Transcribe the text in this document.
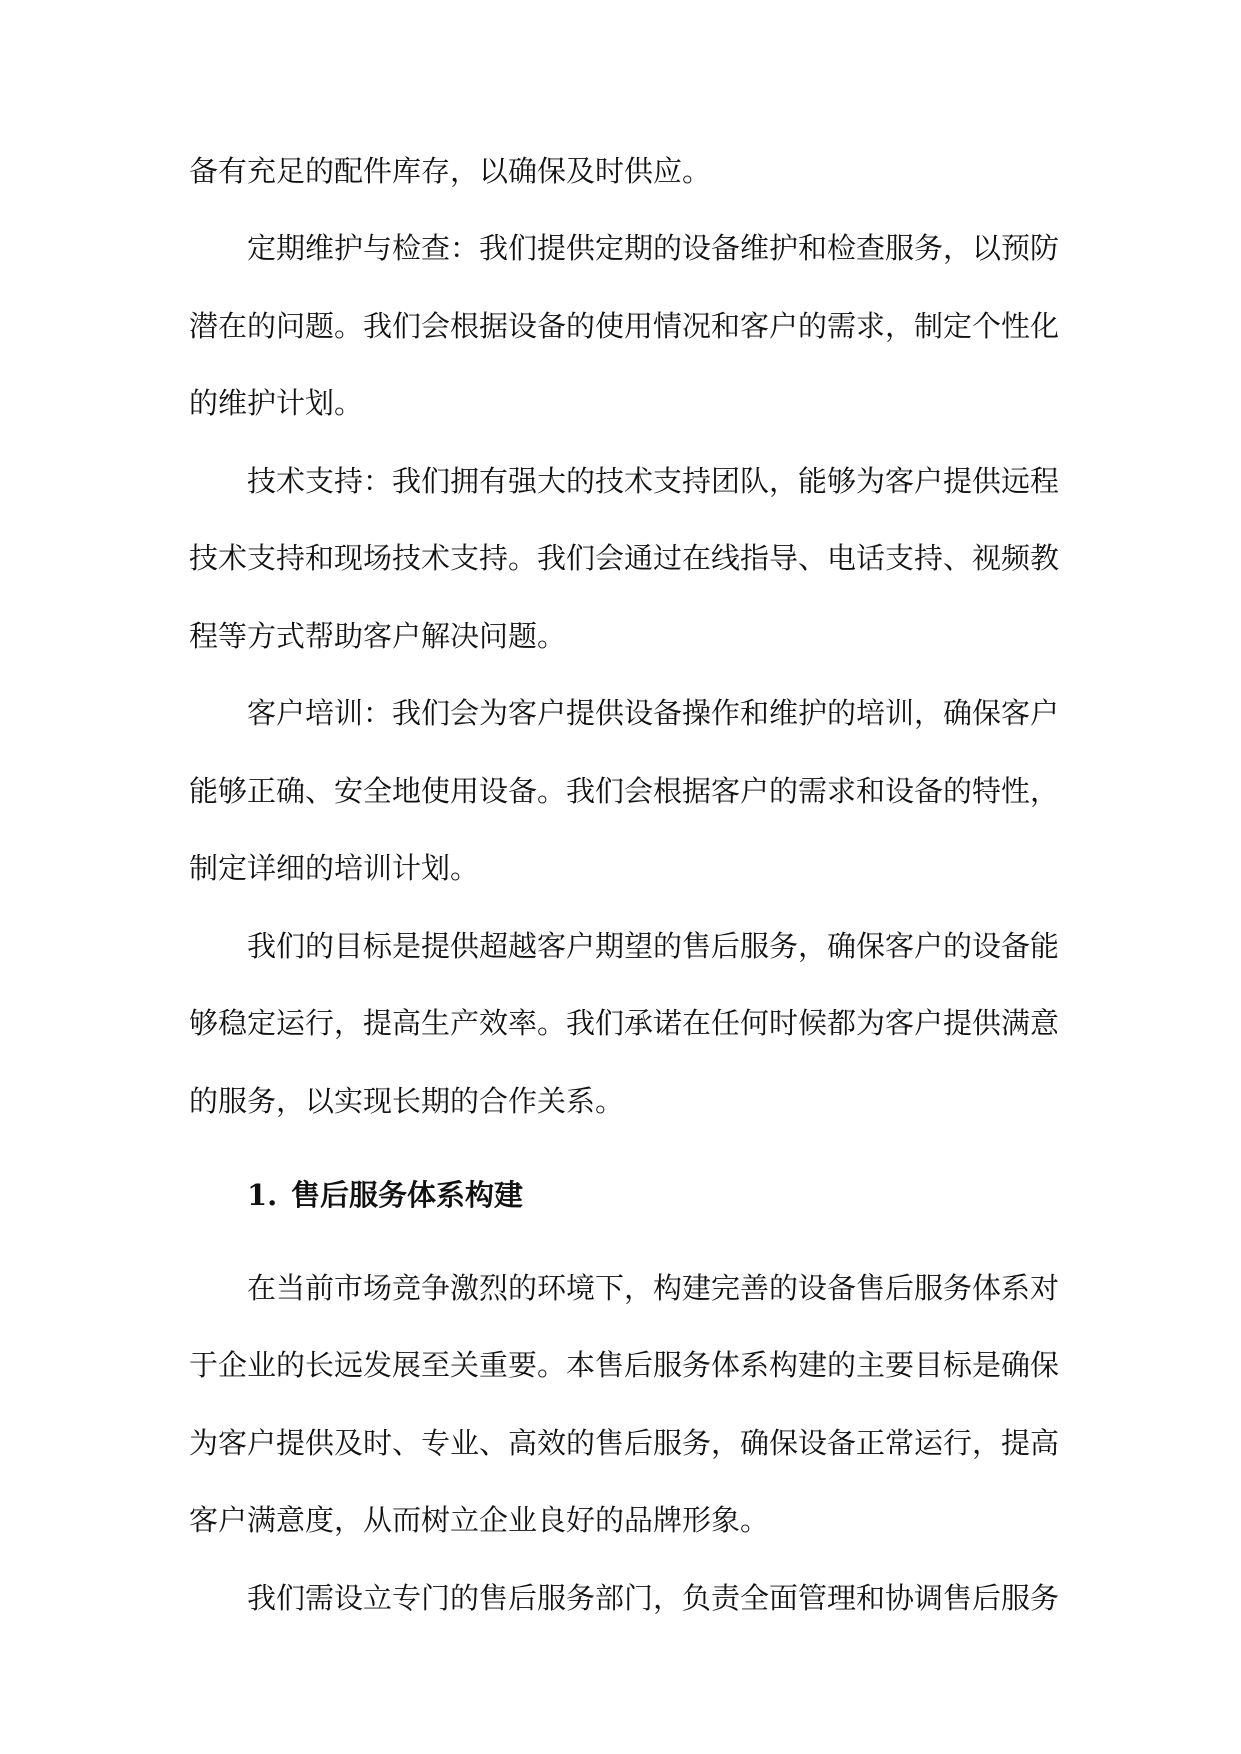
备有充足的配件库存，以确保及时供应。
定期维护与检查：我们提供定期的设备维护和检查服务，以预防
潜在的问题。我们会根据设备的使用情况和客户的需求，制定个性化
的维护计划。
技术支持：我们拥有强大的技术支持团队，能够为客户提供远程
技术支持和现场技术支持。我们会通过在线指导、电话支持、视频教
程等方式帮助客户解决问题。
客户培训：我们会为客户提供设备操作和维护的培训，确保客户
能够正确、安全地使用设备。我们会根据客户的需求和设备的特性，
制定详细的培训计划。
我们的目标是提供超越客户期望的售后服务，确保客户的设备能
够稳定运行，提高生产效率。我们承诺在任何时候都为客户提供满意
的服务，以实现长期的合作关系。
1. 售后服务体系构建
在当前市场竞争激烈的环境下，构建完善的设备售后服务体系对
于企业的长远发展至关重要。本售后服务体系构建的主要目标是确保
为客户提供及时、专业、高效的售后服务，确保设备正常运行，提高
客户满意度，从而树立企业良好的品牌形象。
我们需设立专门的售后服务部门，负责全面管理和协调售后服务
